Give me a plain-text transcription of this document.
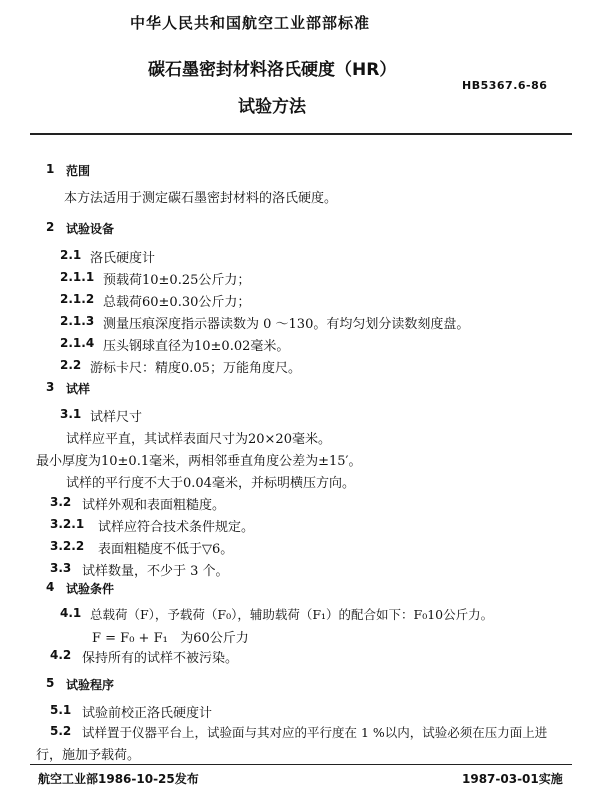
中华人民共和国航空工业部部标准
碳石墨密封材料洛氏硬度（HR）
试验方法
HB5367.6-86
1 范围
本方法适用于测定碳石墨密封材料的洛氏硬度。
2 试验设备
2.1 洛氏硬度计
2.1.1 预载荷10±0.25公斤力；
2.1.2 总载荷60±0.30公斤力；
2.1.3 测量压痕深度指示器读数为 0 ～130。有均匀划分读数刻度盘。
2.1.4 压头钢球直径为10±0.02毫米。
2.2 游标卡尺：精度0.05；万能角度尺。
3 试样
3.1 试样尺寸
试样应平直，其试样表面尺寸为20×20毫米。
最小厚度为10±0.1毫米，两相邻垂直角度公差为±15′。
试样的平行度不大于0.04毫米，并标明横压方向。
3.2 试样外观和表面粗糙度。
3.2.1 试样应符合技术条件规定。
3.2.2 表面粗糙度不低于▽6。
3.3 试样数量，不少于 3 个。
4 试验条件
4.1 总载荷（F），予载荷（F₀），辅助载荷（F₁）的配合如下：F₀10公斤力。
F = F₀ + F₁   为60公斤力
4.2 保持所有的试样不被污染。
5 试验程序
5.1 试验前校正洛氏硬度计
5.2 试样置于仪器平台上，试验面与其对应的平行度在 1 %以内，试验必须在压力面上进
行，施加予载荷。
航空工业部1986-10-25发布	1987-03-01实施
